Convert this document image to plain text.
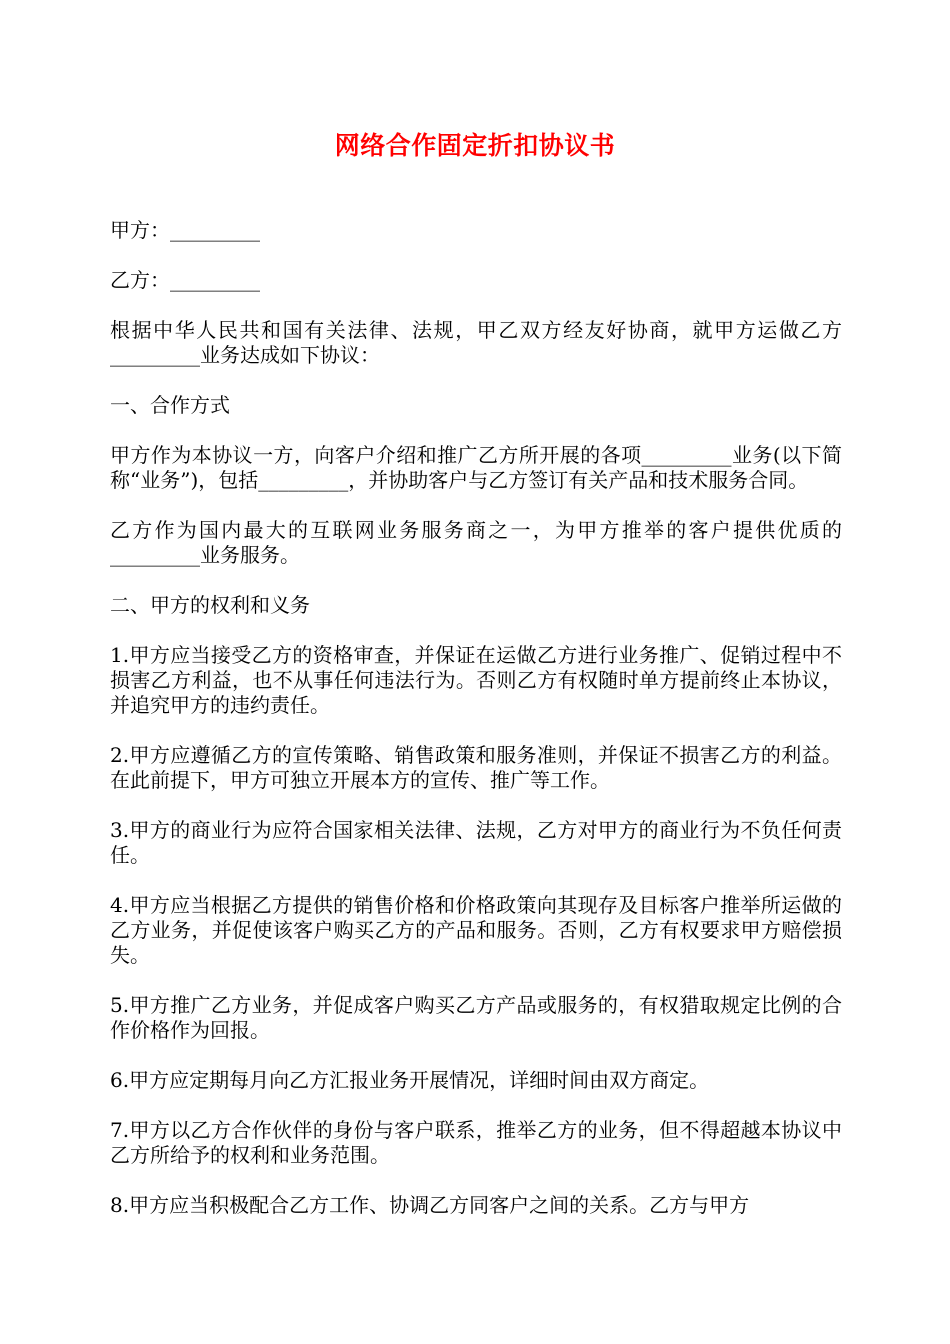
网络合作固定折扣协议书

甲方：_________

乙方：_________

根据中华人民共和国有关法律、法规，甲乙双方经友好协商，就甲方运做乙方_________业务达成如下协议：

一、合作方式

甲方作为本协议一方，向客户介绍和推广乙方所开展的各项_________业务(以下简称“业务”)，包括_________，并协助客户与乙方签订有关产品和技术服务合同。

乙方作为国内最大的互联网业务服务商之一，为甲方推举的客户提供优质的_________业务服务。

二、甲方的权利和义务

1.甲方应当接受乙方的资格审查，并保证在运做乙方进行业务推广、促销过程中不损害乙方利益，也不从事任何违法行为。否则乙方有权随时单方提前终止本协议，并追究甲方的违约责任。

2.甲方应遵循乙方的宣传策略、销售政策和服务准则，并保证不损害乙方的利益。在此前提下，甲方可独立开展本方的宣传、推广等工作。

3.甲方的商业行为应符合国家相关法律、法规，乙方对甲方的商业行为不负任何责任。

4.甲方应当根据乙方提供的销售价格和价格政策向其现存及目标客户推举所运做的乙方业务，并促使该客户购买乙方的产品和服务。否则，乙方有权要求甲方赔偿损失。

5.甲方推广乙方业务，并促成客户购买乙方产品或服务的，有权猎取规定比例的合作价格作为回报。

6.甲方应定期每月向乙方汇报业务开展情况，详细时间由双方商定。

7.甲方以乙方合作伙伴的身份与客户联系，推举乙方的业务，但不得超越本协议中乙方所给予的权利和业务范围。

8.甲方应当积极配合乙方工作、协调乙方同客户之间的关系。乙方与甲方
